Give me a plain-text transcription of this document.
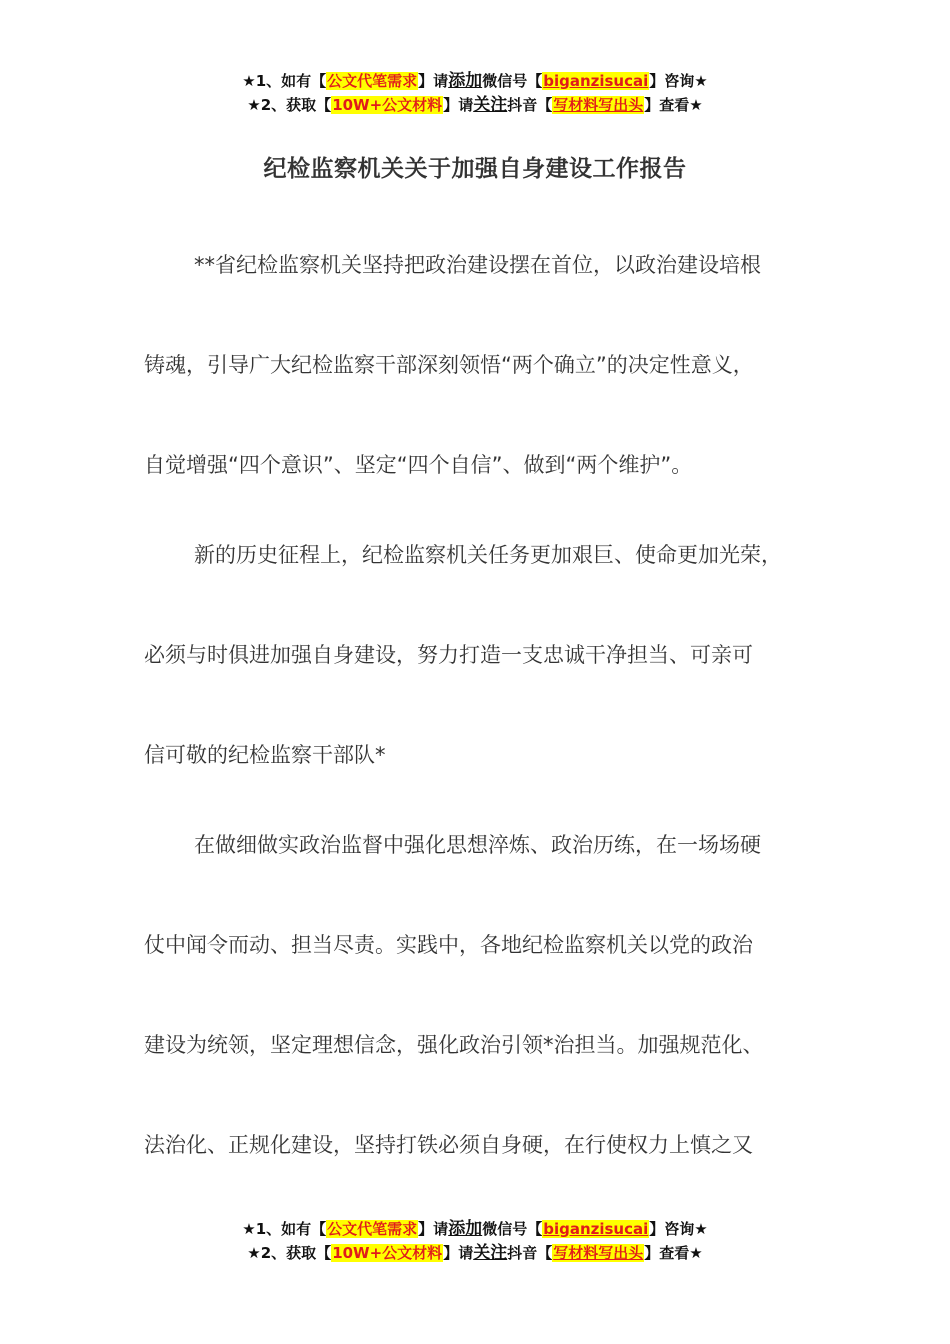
★1、如有【公文代笔需求】请添加微信号【biganzisucai】咨询★
★2、获取【10W+公文材料】请关注抖音【写材料写出头】查看★
纪检监察机关关于加强自身建设工作报告
**省纪检监察机关坚持把政治建设摆在首位，以政治建设培根
铸魂，引导广大纪检监察干部深刻领悟“两个确立”的决定性意义，
自觉增强“四个意识”、坚定“四个自信”、做到“两个维护”。
新的历史征程上，纪检监察机关任务更加艰巨、使命更加光荣，
必须与时俱进加强自身建设，努力打造一支忠诚干净担当、可亲可
信可敬的纪检监察干部队*
在做细做实政治监督中强化思想淬炼、政治历练，在一场场硬
仗中闻令而动、担当尽责。实践中，各地纪检监察机关以党的政治
建设为统领，坚定理想信念，强化政治引领*治担当。加强规范化、
法治化、正规化建设，坚持打铁必须自身硬，在行使权力上慎之又
★1、如有【公文代笔需求】请添加微信号【biganzisucai】咨询★
★2、获取【10W+公文材料】请关注抖音【写材料写出头】查看★
